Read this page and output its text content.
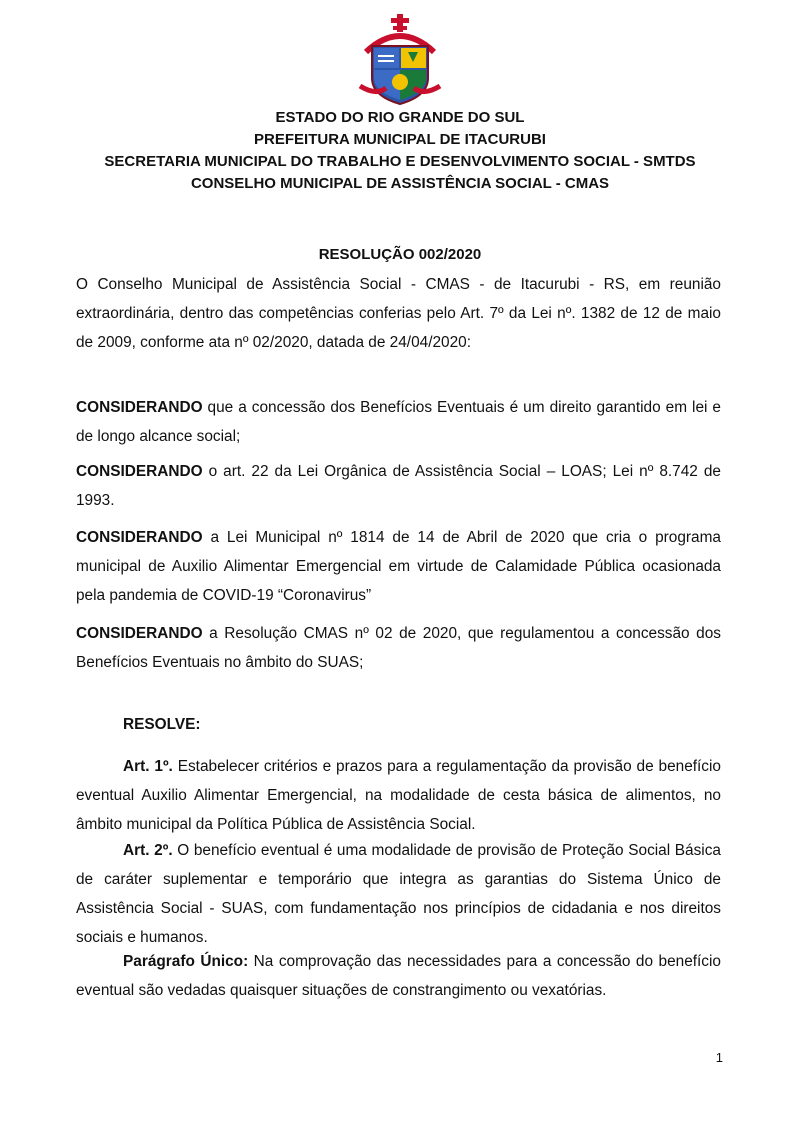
ESTADO DO RIO GRANDE DO SUL
PREFEITURA MUNICIPAL DE ITACURUBI
SECRETARIA MUNICIPAL DO TRABALHO E DESENVOLVIMENTO SOCIAL - SMTDS
CONSELHO MUNICIPAL DE ASSISTÊNCIA SOCIAL - CMAS
RESOLUÇÃO 002/2020

O Conselho Municipal de Assistência Social - CMAS - de Itacurubi - RS, em reunião extraordinária, dentro das competências conferias pelo Art. 7º da Lei nº. 1382 de 12 de maio de 2009, conforme ata nº 02/2020, datada de 24/04/2020:

CONSIDERANDO que a concessão dos Benefícios Eventuais é um direito garantido em lei e de longo alcance social;

CONSIDERANDO o art. 22 da Lei Orgânica de Assistência Social – LOAS; Lei nº 8.742 de 1993.

CONSIDERANDO a Lei Municipal nº 1814 de 14 de Abril de 2020 que cria o programa municipal de Auxilio Alimentar Emergencial em virtude de Calamidade Pública ocasionada pela pandemia de COVID-19 “Coronavirus”

CONSIDERANDO a Resolução CMAS nº 02 de 2020, que regulamentou a concessão dos Benefícios Eventuais no âmbito do SUAS;

RESOLVE:

Art. 1º. Estabelecer critérios e prazos para a regulamentação da provisão de benefício eventual Auxilio Alimentar Emergencial, na modalidade de cesta básica de alimentos, no âmbito municipal da Política Pública de Assistência Social.

Art. 2º. O benefício eventual é uma modalidade de provisão de Proteção Social Básica de caráter suplementar e temporário que integra as garantias do Sistema Único de Assistência Social - SUAS, com fundamentação nos princípios de cidadania e nos direitos sociais e humanos.

Parágrafo Único: Na comprovação das necessidades para a concessão do benefício eventual são vedadas quaisquer situações de constrangimento ou vexatórias.

1
